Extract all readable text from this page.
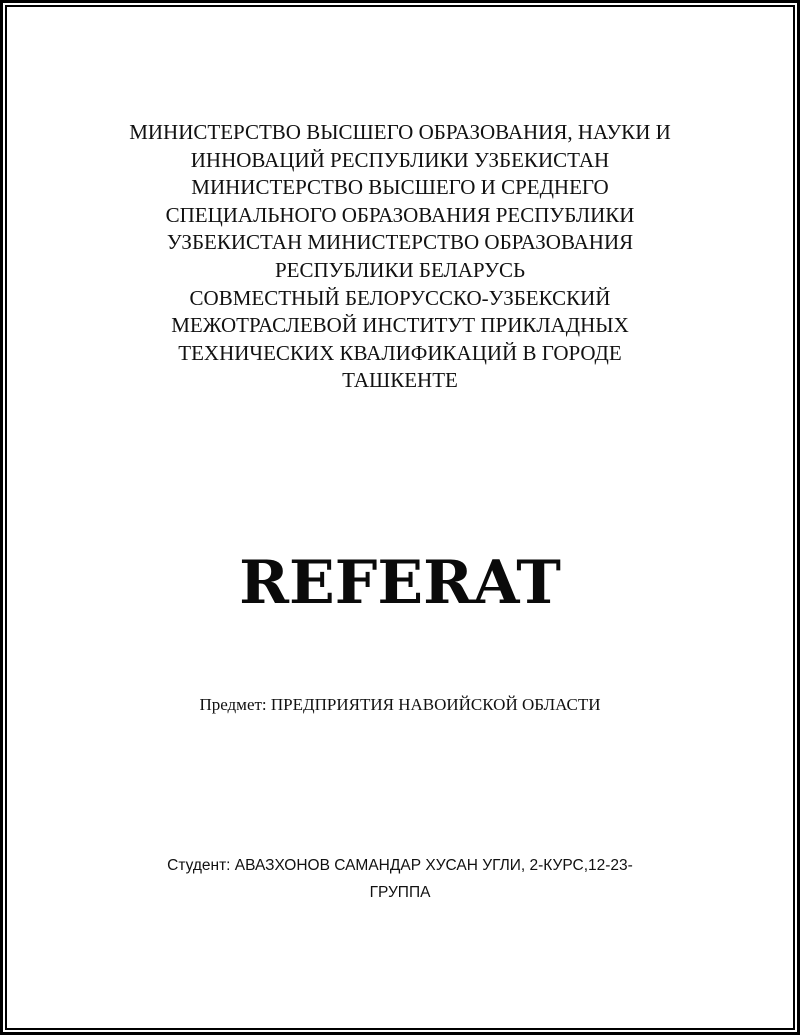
МИНИСТЕРСТВО ВЫСШЕГО ОБРАЗОВАНИЯ, НАУКИ И
ИННОВАЦИЙ РЕСПУБЛИКИ УЗБЕКИСТАН
МИНИСТЕРСТВО ВЫСШЕГО И СРЕДНЕГО
СПЕЦИАЛЬНОГО ОБРАЗОВАНИЯ РЕСПУБЛИКИ
УЗБЕКИСТАН МИНИСТЕРСТВО ОБРАЗОВАНИЯ
РЕСПУБЛИКИ БЕЛАРУСЬ
СОВМЕСТНЫЙ БЕЛОРУССКО-УЗБЕКСКИЙ
МЕЖОТРАСЛЕВОЙ ИНСТИТУТ ПРИКЛАДНЫХ
ТЕХНИЧЕСКИХ КВАЛИФИКАЦИЙ В ГОРОДЕ
ТАШКЕНТЕ
REFERAT
Предмет: ПРЕДПРИЯТИЯ НАВОИЙСКОЙ ОБЛАСТИ
Студент: АВАЗХОНОВ САМАНДАР ХУСАН УГЛИ, 2-КУРС,12-23-
ГРУППА
